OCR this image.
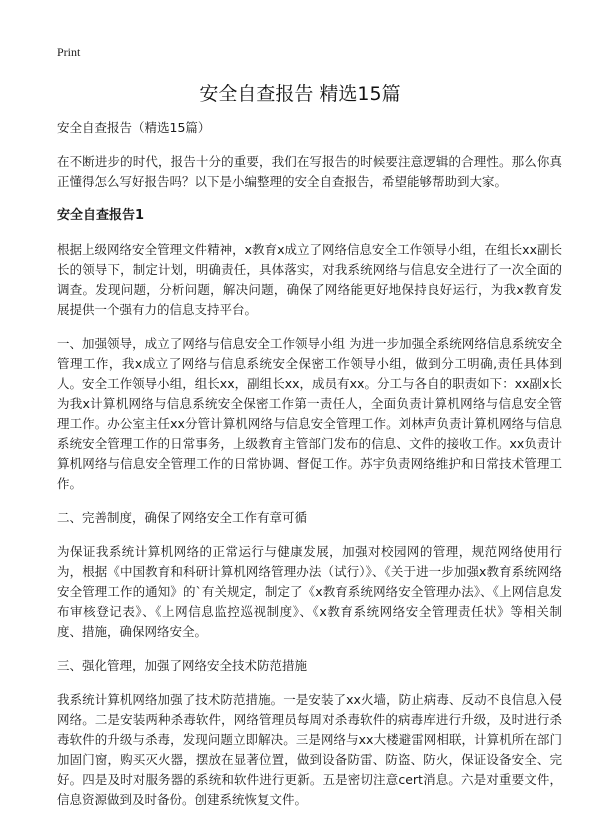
Print
安全自查报告 精选15篇

安全自查报告（精选15篇）

在不断进步的时代，报告十分的重要，我们在写报告的时候要注意逻辑的合理性。那么你真正懂得怎么写好报告吗？以下是小编整理的安全自查报告，希望能够帮助到大家。

安全自查报告1

根据上级网络安全管理文件精神，x教育x成立了网络信息安全工作领导小组，在组长xx副长长的领导下，制定计划，明确责任，具体落实，对我系统网络与信息安全进行了一次全面的调查。发现问题，分析问题，解决问题，确保了网络能更好地保持良好运行，为我x教育发展提供一个强有力的信息支持平台。

一、加强领导，成立了网络与信息安全工作领导小组 为进一步加强全系统网络信息系统安全管理工作，我x成立了网络与信息系统安全保密工作领导小组，做到分工明确,责任具体到人。安全工作领导小组，组长xx，副组长xx，成员有xx。分工与各自的职责如下：xx副x长为我x计算机网络与信息系统安全保密工作第一责任人，全面负责计算机网络与信息安全管理工作。办公室主任xx分管计算机网络与信息安全管理工作。刘林声负责计算机网络与信息系统安全管理工作的日常事务，上级教育主管部门发布的信息、文件的接收工作。xx负责计算机网络与信息安全管理工作的日常协调、督促工作。苏宇负责网络维护和日常技术管理工作。

二、完善制度，确保了网络安全工作有章可循

为保证我系统计算机网络的正常运行与健康发展，加强对校园网的管理，规范网络使用行为，根据《中国教育和科研计算机网络管理办法（试行）》、《关于进一步加强x教育系统网络安全管理工作的通知》的`有关规定，制定了《x教育系统网络安全管理办法》、《上网信息发布审核登记表》、《上网信息监控巡视制度》、《x教育系统网络安全管理责任状》等相关制度、措施，确保网络安全。

三、强化管理，加强了网络安全技术防范措施

我系统计算机网络加强了技术防范措施。一是安装了xx火墙，防止病毒、反动不良信息入侵网络。二是安装两种杀毒软件，网络管理员每周对杀毒软件的病毒库进行升级，及时进行杀毒软件的升级与杀毒，发现问题立即解决。三是网络与xx大楼避雷网相联，计算机所在部门加固门窗，购买灭火器，摆放在显著位置，做到设备防雷、防盗、防火，保证设备安全、完好。四是及时对服务器的系统和软件进行更新。五是密切注意cert消息。六是对重要文件，信息资源做到及时备份。创建系统恢复文件。
